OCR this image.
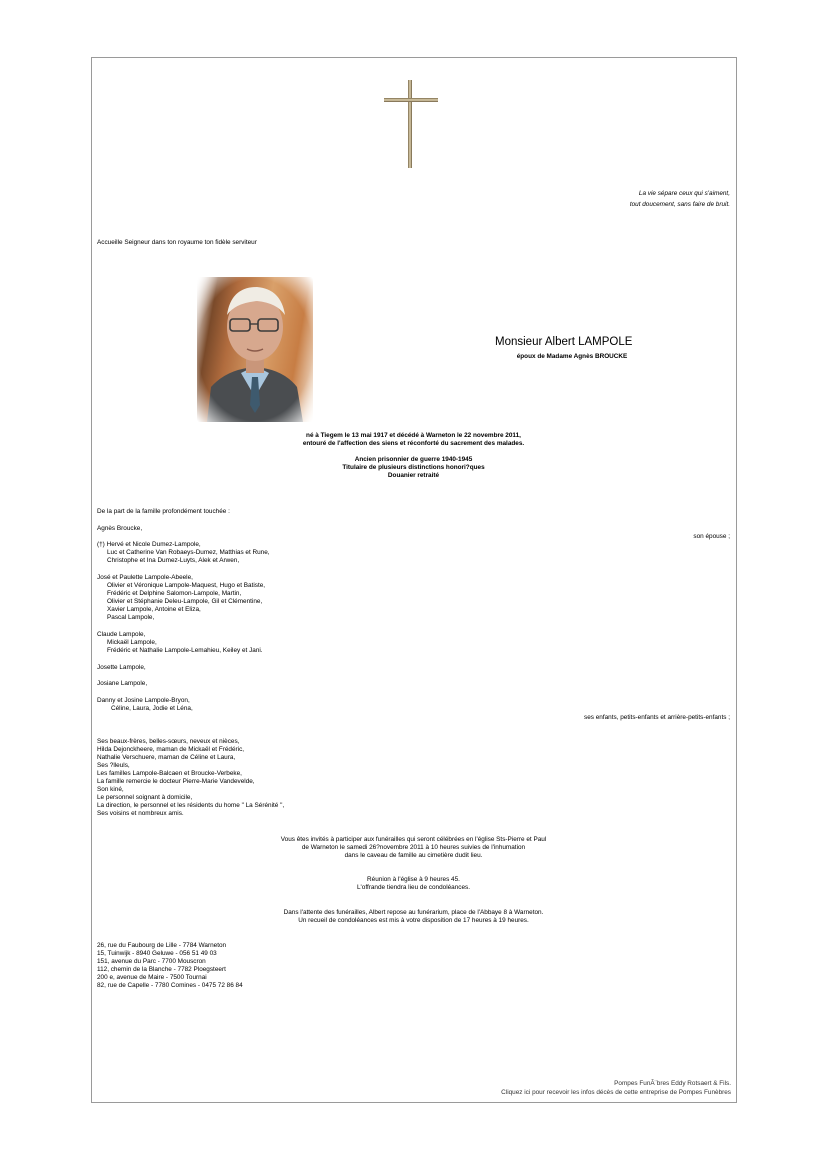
La vie sépare ceux qui s'aiment,
tout doucement, sans faire de bruit.
Accueille Seigneur dans ton royaume ton fidèle serviteur
Monsieur Albert LAMPOLE
époux de Madame Agnès BROUCKE
né à Tiegem le 13 mai 1917 et décédé à Warneton le 22 novembre 2011,
entouré de l'affection des siens et réconforté du sacrement des malades.
Ancien prisonnier de guerre 1940-1945
Titulaire de plusieurs distinctions honori?ques
Douanier retraité
De la part de la famille profondément touchée :
Agnès Broucke,
son épouse ;
(†) Hervé et Nicole Dumez-Lampole,
Luc et Catherine Van Robaeys-Dumez, Matthias et Rune,
Christophe et Ina Dumez-Luyts, Alek et Arwen,
José et Paulette Lampole-Abeele,
Olivier et Véronique Lampole-Maquest, Hugo et Batiste,
Frédéric et Delphine Salomon-Lampole, Martin,
Olivier et Stéphanie Deleu-Lampole, Gil et Clémentine,
Xavier Lampole, Antoine et Eliza,
Pascal Lampole,
Claude Lampole,
Mickaël Lampole,
Frédéric et Nathalie Lampole-Lemahieu, Keiley et Jani.
Josette Lampole,
Josiane Lampole,
Danny et Josine Lampole-Bryon,
Céline, Laura, Jodie et Léna,
ses enfants, petits-enfants et arrière-petits-enfants ;
Ses beaux-frères, belles-sœurs, neveux et nièces,
Hilda Dejonckheere, maman de Mickaël et Frédéric,
Nathalie Verschuere, maman de Céline et Laura,
Ses ?lleuls,
Les familles Lampole-Balcaen et Broucke-Verbeke,
La famille remercie le docteur Pierre-Marie Vandevelde,
Son kiné,
Le personnel soignant à domicile,
La direction, le personnel et les résidents du home " La Sérénité ",
Ses voisins et nombreux amis.
Vous êtes invités à participer aux funérailles qui seront célébrées en l'église Sts-Pierre et Paul
de Warneton le samedi 26?novembre 2011 à 10 heures suivies de l'inhumation
dans le caveau de famille au cimetière dudit lieu.
Réunion à l'église à 9 heures 45.
L'offrande tiendra lieu de condoléances.
Dans l'attente des funérailles, Albert repose au funérarium, place de l'Abbaye 8 à Warneton.
Un recueil de condoléances est mis à votre disposition de 17 heures à 19 heures.
26, rue du Faubourg de Lille - 7784 Warneton
15, Tuinwijk - 8940 Geluwe - 056 51 49 03
151, avenue du Parc - 7700 Mouscron
112, chemin de la Blanche - 7782 Ploegsteert
200 e, avenue de Maire - 7500 Tournai
82, rue de Capelle - 7780 Comines - 0475 72 86 84
Pompes FunÃ¨bres Eddy Rotsaert & Fils.
Cliquez ici pour recevoir les infos décès de cette entreprise de Pompes Funèbres
